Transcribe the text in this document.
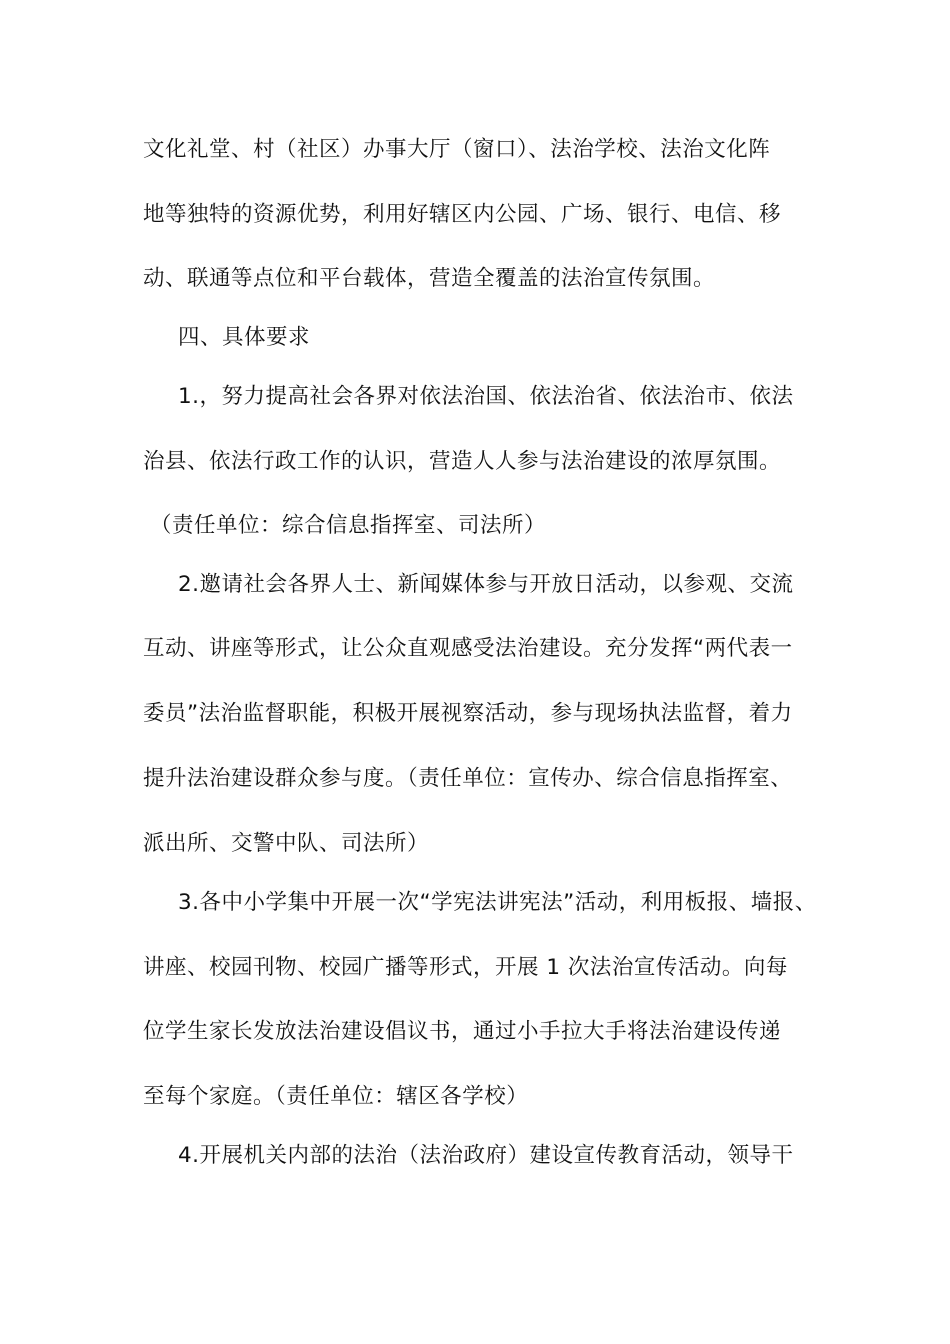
文化礼堂、村（社区）办事大厅（窗口）、法治学校、法治文化阵
地等独特的资源优势，利用好辖区内公园、广场、银行、电信、移
动、联通等点位和平台载体，营造全覆盖的法治宣传氛围。
四、具体要求
1.，努力提高社会各界对依法治国、依法治省、依法治市、依法
治县、依法行政工作的认识，营造人人参与法治建设的浓厚氛围。
（责任单位：综合信息指挥室、司法所）
2.邀请社会各界人士、新闻媒体参与开放日活动，以参观、交流
互动、讲座等形式，让公众直观感受法治建设。充分发挥“两代表一
委员”法治监督职能，积极开展视察活动，参与现场执法监督，着力
提升法治建设群众参与度。（责任单位：宣传办、综合信息指挥室、
派出所、交警中队、司法所）
3.各中小学集中开展一次“学宪法讲宪法”活动，利用板报、墙报、
讲座、校园刊物、校园广播等形式，开展 1 次法治宣传活动。向每
位学生家长发放法治建设倡议书，通过小手拉大手将法治建设传递
至每个家庭。（责任单位：辖区各学校）
4.开展机关内部的法治（法治政府）建设宣传教育活动，领导干
